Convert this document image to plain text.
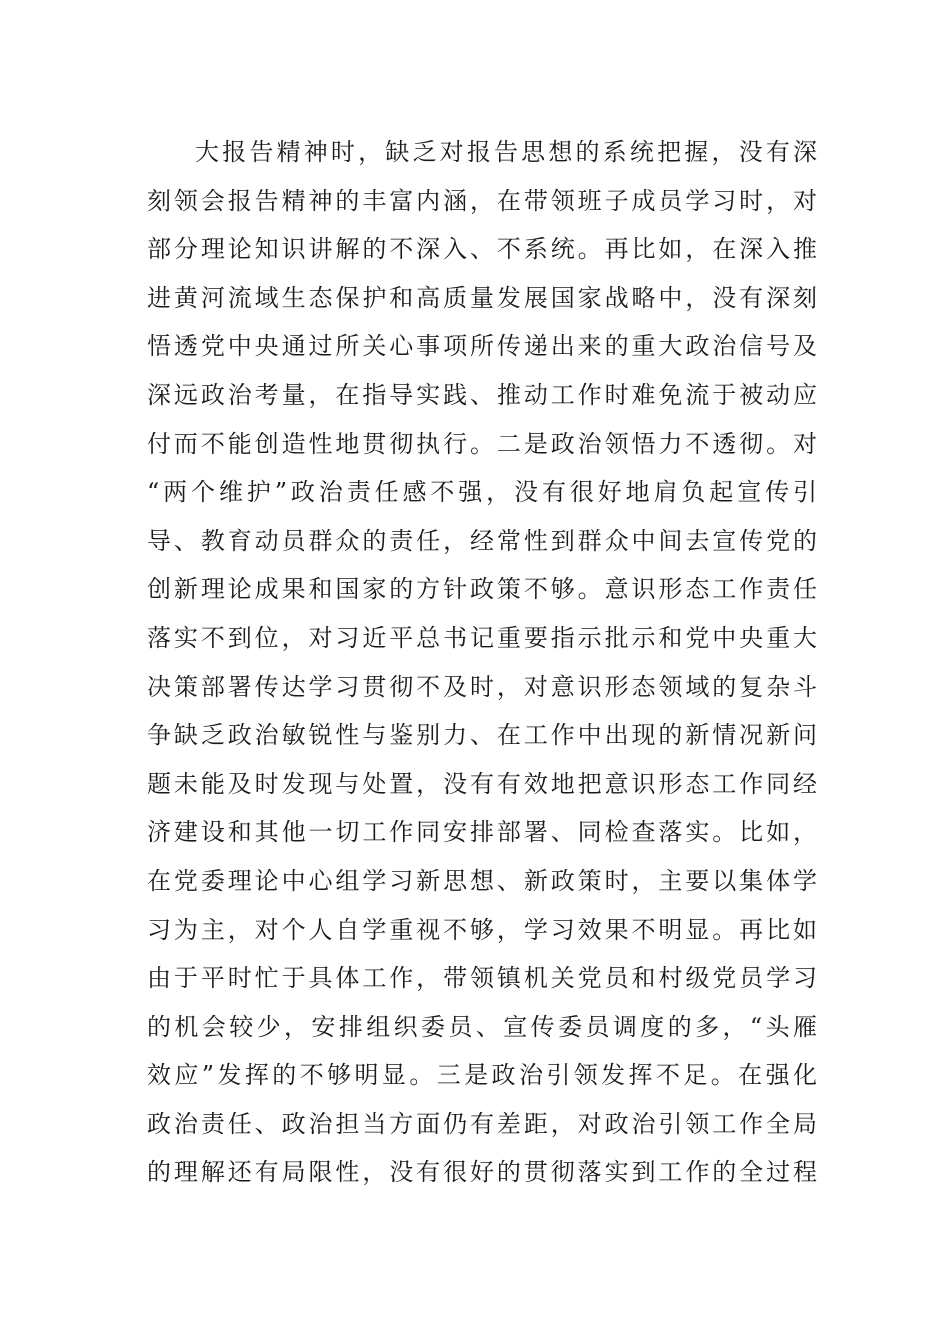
大报告精神时，缺乏对报告思想的系统把握，没有深
刻领会报告精神的丰富内涵，在带领班子成员学习时，对
部分理论知识讲解的不深入、不系统。再比如，在深入推
进黄河流域生态保护和高质量发展国家战略中，没有深刻
悟透党中央通过所关心事项所传递出来的重大政治信号及
深远政治考量，在指导实践、推动工作时难免流于被动应
付而不能创造性地贯彻执行。二是政治领悟力不透彻。对
“两个维护”政治责任感不强，没有很好地肩负起宣传引
导、教育动员群众的责任，经常性到群众中间去宣传党的
创新理论成果和国家的方针政策不够。意识形态工作责任
落实不到位，对习近平总书记重要指示批示和党中央重大
决策部署传达学习贯彻不及时，对意识形态领域的复杂斗
争缺乏政治敏锐性与鉴别力、在工作中出现的新情况新问
题未能及时发现与处置，没有有效地把意识形态工作同经
济建设和其他一切工作同安排部署、同检查落实。比如，
在党委理论中心组学习新思想、新政策时，主要以集体学
习为主，对个人自学重视不够，学习效果不明显。再比如
由于平时忙于具体工作，带领镇机关党员和村级党员学习
的机会较少，安排组织委员、宣传委员调度的多，“头雁
效应”发挥的不够明显。三是政治引领发挥不足。在强化
政治责任、政治担当方面仍有差距，对政治引领工作全局
的理解还有局限性，没有很好的贯彻落实到工作的全过程
